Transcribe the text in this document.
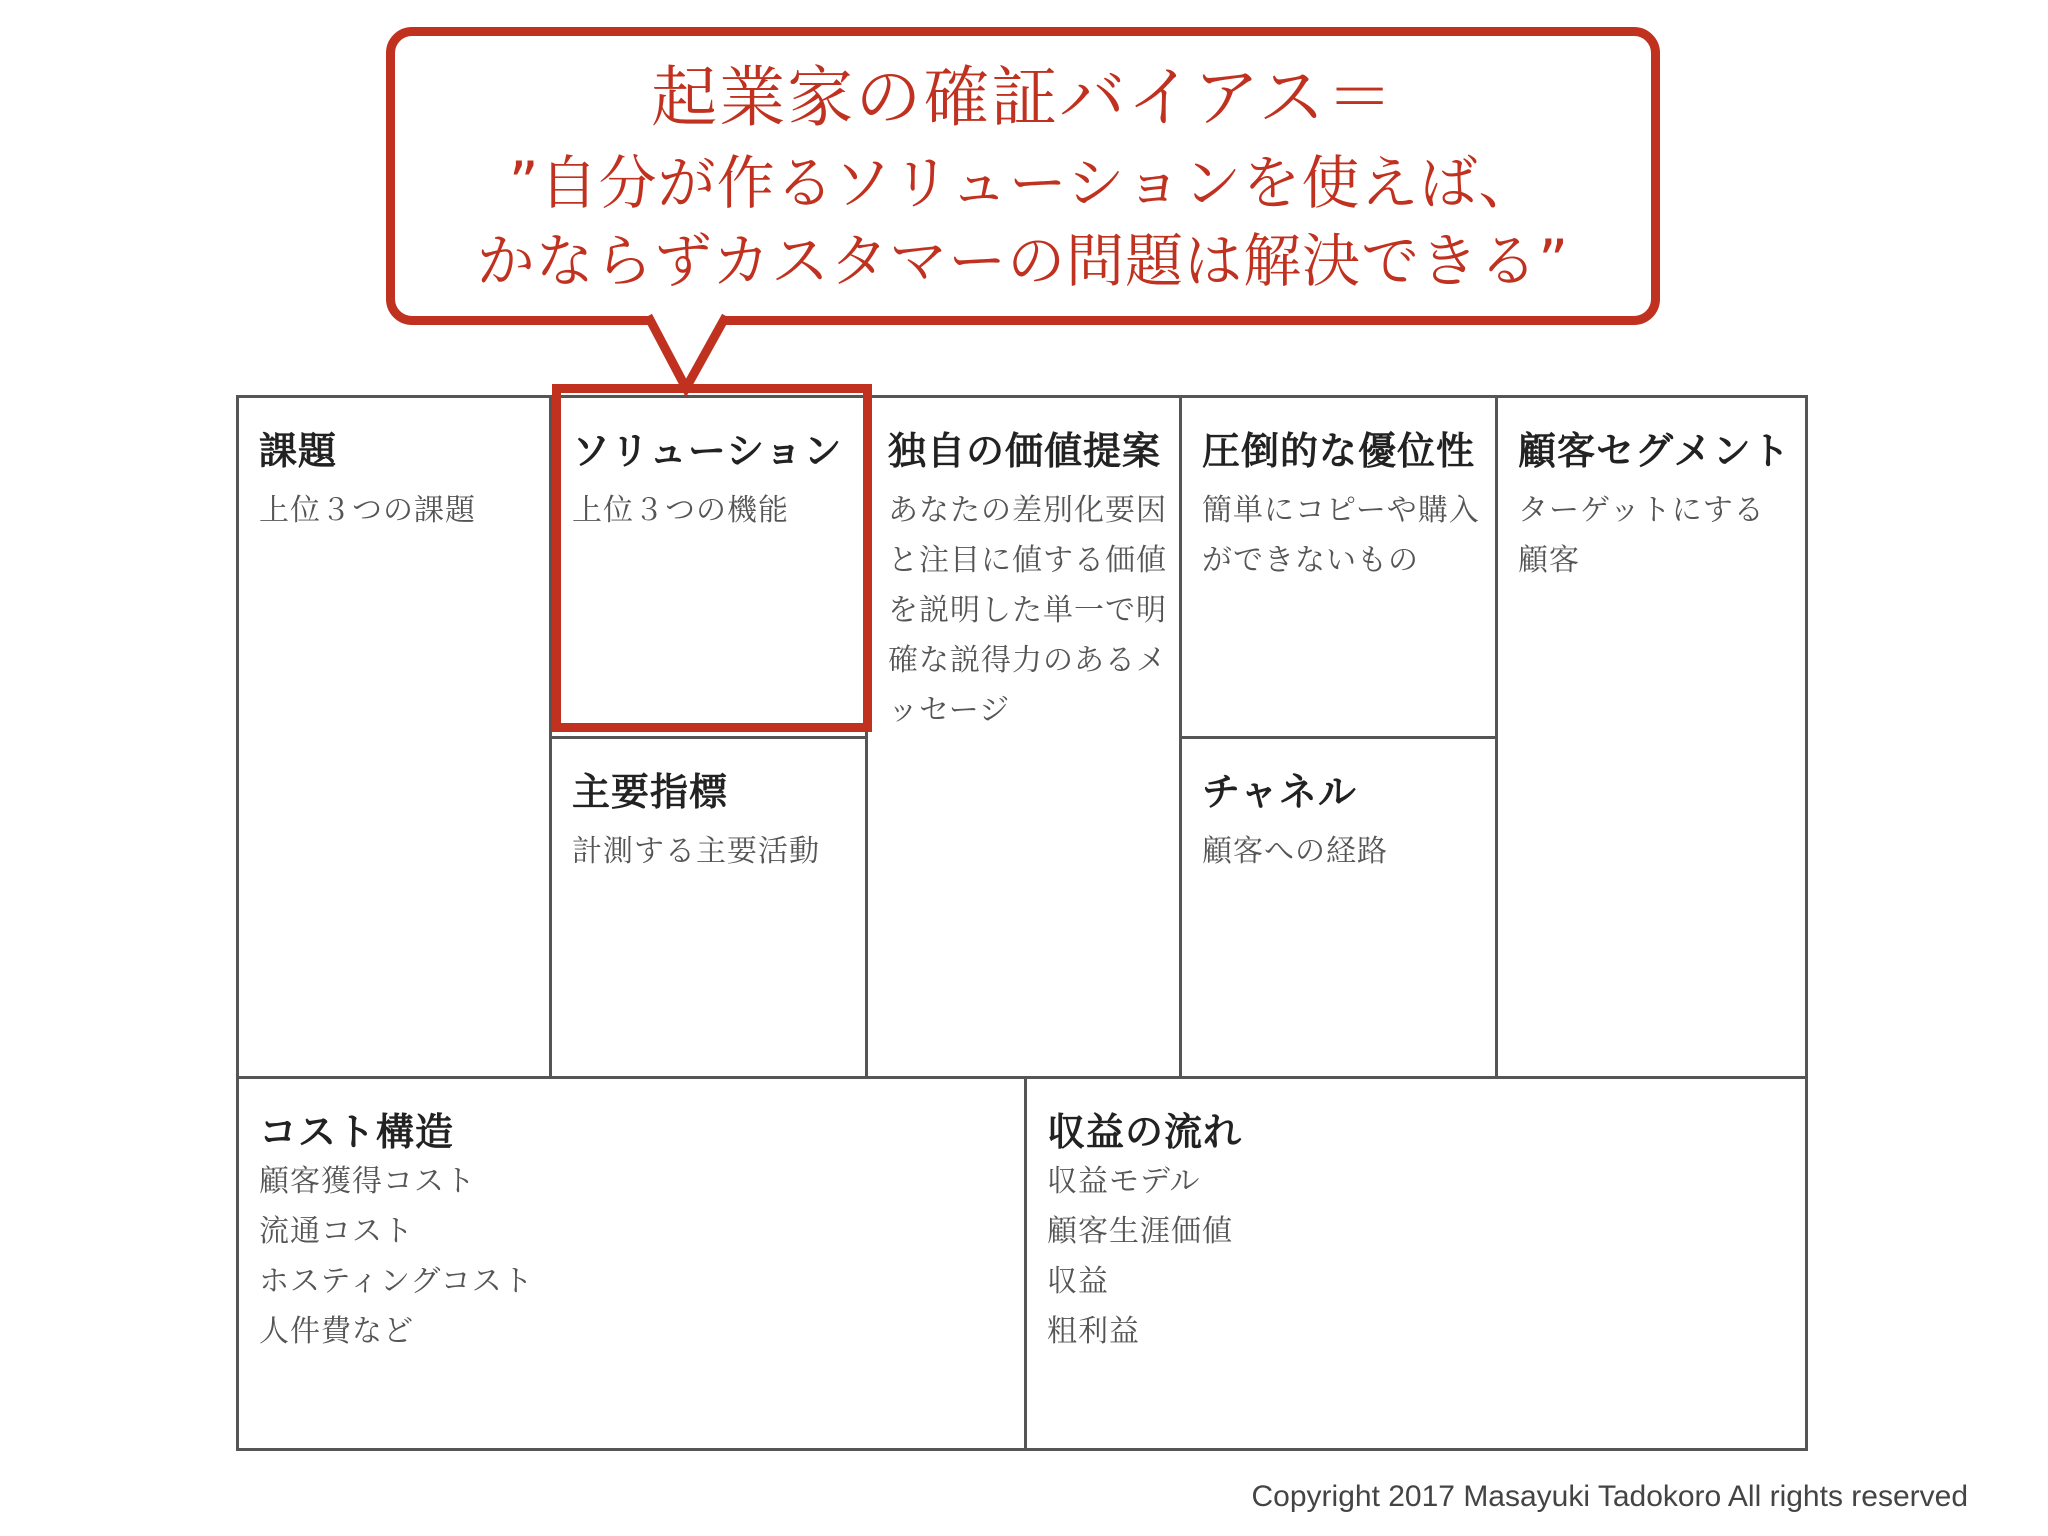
起業家の確証バイアス＝
”自分が作るソリューションを使えば、
かならずカスタマーの問題は解決できる”
課題
上位３つの課題
ソリューション
上位３つの機能
主要指標
計測する主要活動
独自の価値提案
あなたの差別化要因
と注目に値する価値
を説明した単一で明
確な説得力のあるメ
ッセージ
圧倒的な優位性
簡単にコピーや購入
ができないもの
チャネル
顧客への経路
顧客セグメント
ターゲットにする
顧客
コスト構造
顧客獲得コスト
流通コスト
ホスティングコスト
人件費など
収益の流れ
収益モデル
顧客生涯価値
収益
粗利益
Copyright 2017 Masayuki Tadokoro All rights reserved
